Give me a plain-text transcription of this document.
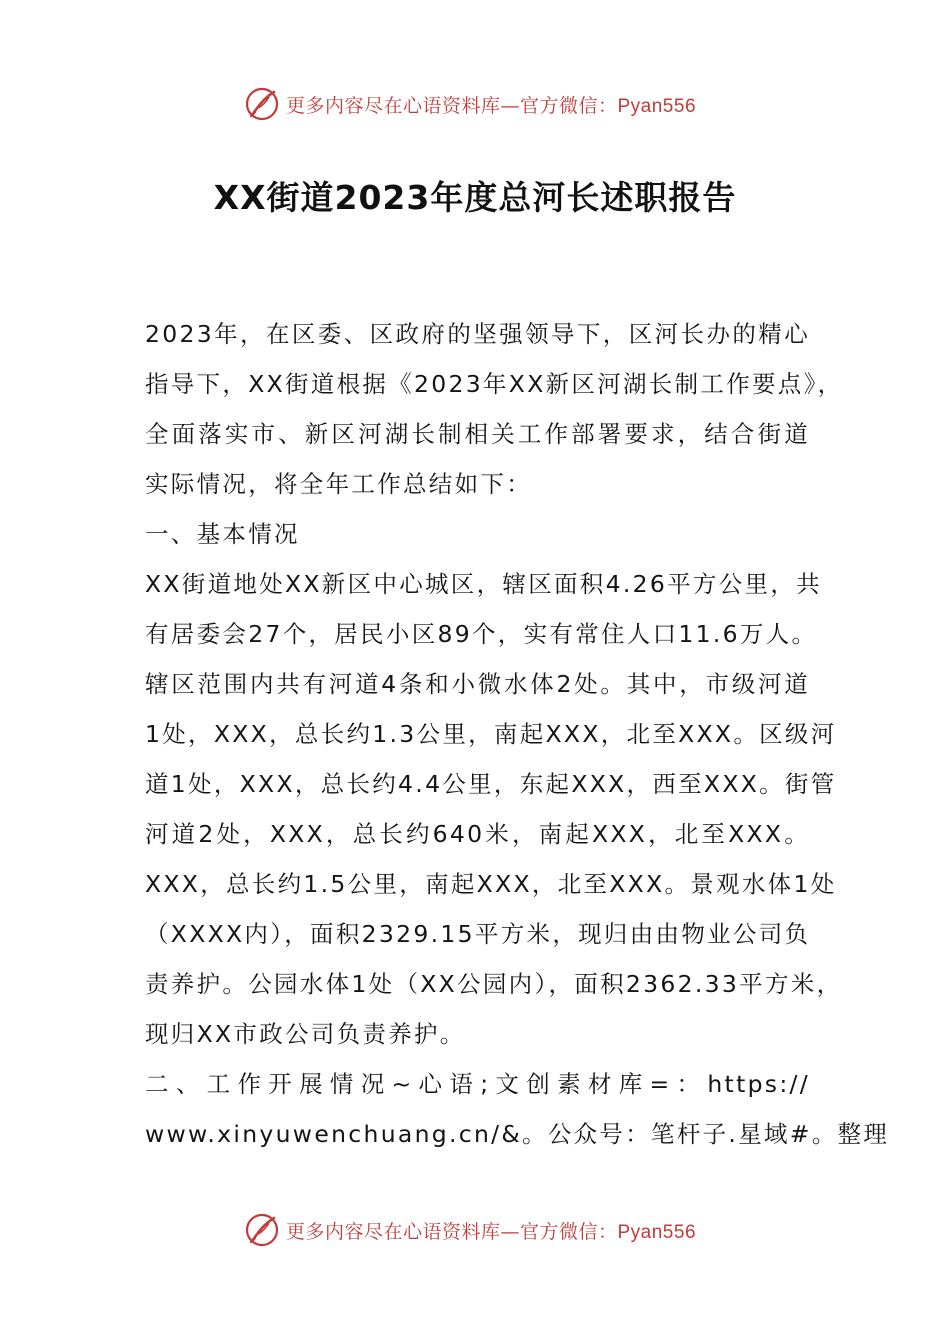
更多内容尽在心语资料库—官方微信：Pyan556
XX街道2023年度总河长述职报告
2023年，在区委、区政府的坚强领导下，区河长办的精心
指导下，XX街道根据《2023年XX新区河湖长制工作要点》，
全面落实市、新区河湖长制相关工作部署要求，结合街道
实际情况，将全年工作总结如下：
一、基本情况
XX街道地处XX新区中心城区，辖区面积4.26平方公里，共
有居委会27个，居民小区89个，实有常住人口11.6万人。
辖区范围内共有河道4条和小微水体2处。其中，市级河道
1处，XXX，总长约1.3公里，南起XXX，北至XXX。区级河
道1处，XXX，总长约4.4公里，东起XXX，西至XXX。街管
河道2处，XXX，总长约640米，南起XXX，北至XXX。
XXX，总长约1.5公里，南起XXX，北至XXX。景观水体1处
（XXXX内），面积2329.15平方米，现归由由物业公司负
责养护。公园水体1处（XX公园内），面积2362.33平方米，
现归XX市政公司负责养护。
二、工作开展情况~心语;文创素材库=：https://
www.xinyuwenchuang.cn/&。公众号：笔杆子.星域#。整理
更多内容尽在心语资料库—官方微信：Pyan556
